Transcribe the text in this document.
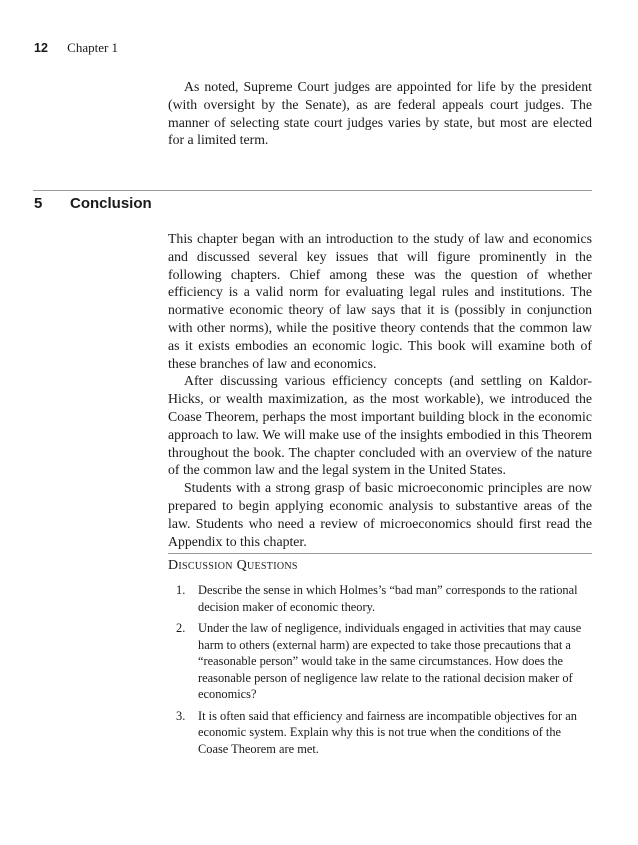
12 Chapter 1

As noted, Supreme Court judges are appointed for life by the president (with oversight by the Senate), as are federal appeals court judges. The manner of selecting state court judges varies by state, but most are elected for a limited term.

5 Conclusion

This chapter began with an introduction to the study of law and economics and discussed several key issues that will figure prominently in the following chapters. Chief among these was the question of whether efficiency is a valid norm for evaluating legal rules and institutions. The normative economic theory of law says that it is (possibly in conjunction with other norms), while the positive theory contends that the common law as it exists embodies an economic logic. This book will examine both of these branches of law and economics.

After discussing various efficiency concepts (and settling on Kaldor-Hicks, or wealth maximization, as the most workable), we introduced the Coase Theorem, perhaps the most important building block in the economic approach to law. We will make use of the insights embodied in this Theorem throughout the book. The chapter concluded with an overview of the nature of the common law and the legal system in the United States.

Students with a strong grasp of basic microeconomic principles are now prepared to begin applying economic analysis to substantive areas of the law. Students who need a review of microeconomics should first read the Appendix to this chapter.

Discussion Questions
1.	Describe the sense in which Holmes’s “bad man” corresponds to the rational decision maker of economic theory.
2.	Under the law of negligence, individuals engaged in activities that may cause harm to others (external harm) are expected to take those precautions that a “reasonable person” would take in the same circumstances. How does the reasonable person of negligence law relate to the rational decision maker of economics?
3.	It is often said that efficiency and fairness are incompatible objectives for an economic system. Explain why this is not true when the conditions of the Coase Theorem are met.
